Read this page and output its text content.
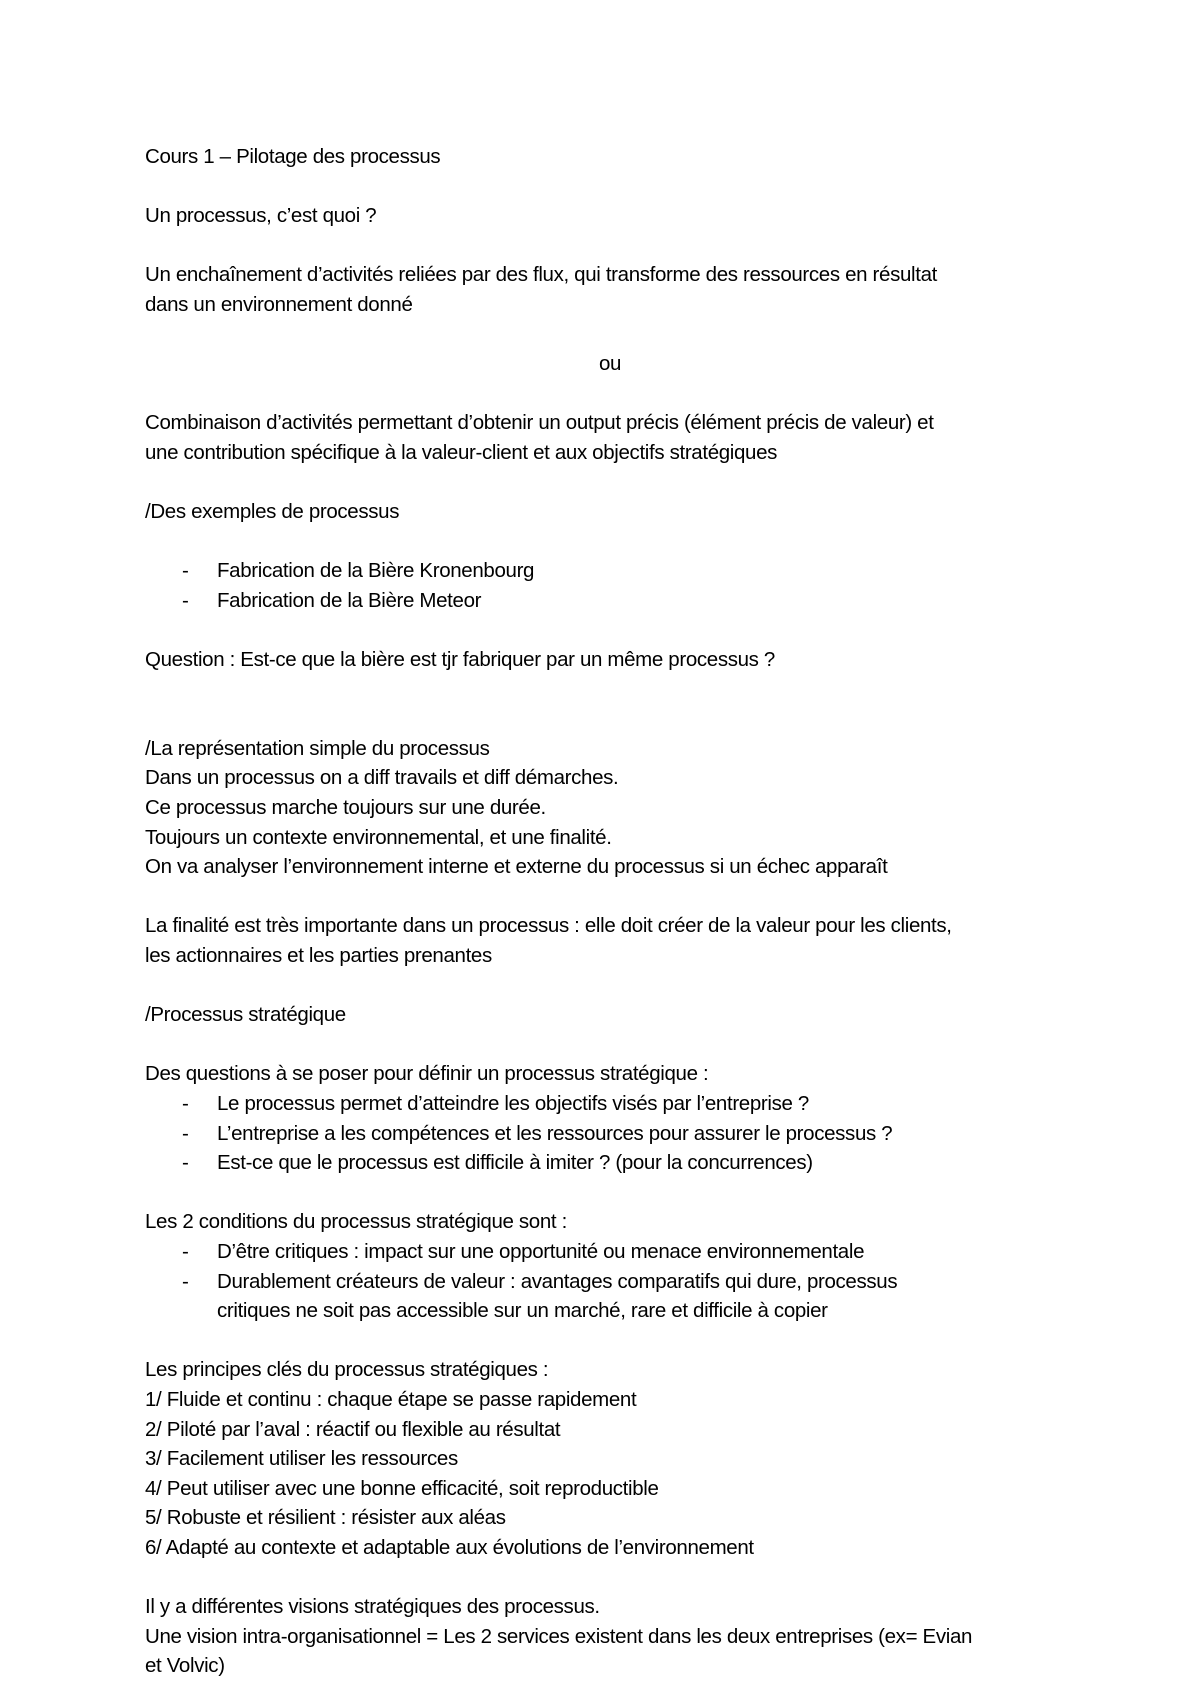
Cours 1 – Pilotage des processus

Un processus, c’est quoi ?

Un enchaînement d’activités reliées par des flux, qui transforme des ressources en résultat

dans un environnement donné

ou

Combinaison d’activités permettant d’obtenir un output précis (élément précis de valeur) et

une contribution spécifique à la valeur-client et aux objectifs stratégiques

/Des exemples de processus

- Fabrication de la Bière Kronenbourg
- Fabrication de la Bière Meteor

Question : Est-ce que la bière est tjr fabriquer par un même processus ?

/La représentation simple du processus

Dans un processus on a diff travails et diff démarches.

Ce processus marche toujours sur une durée.

Toujours un contexte environnemental, et une finalité.

On va analyser l’environnement interne et externe du processus si un échec apparaît

La finalité est très importante dans un processus : elle doit créer de la valeur pour les clients,

les actionnaires et les parties prenantes

/Processus stratégique

Des questions à se poser pour définir un processus stratégique :

- Le processus permet d’atteindre les objectifs visés par l’entreprise ?
- L’entreprise a les compétences et les ressources pour assurer le processus ?
- Est-ce que le processus est difficile à imiter ? (pour la concurrences)

Les 2 conditions du processus stratégique sont :

- D’être critiques : impact sur une opportunité ou menace environnementale
- Durablement créateurs de valeur : avantages comparatifs qui dure, processus
critiques ne soit pas accessible sur un marché, rare et difficile à copier

Les principes clés du processus stratégiques :

1/ Fluide et continu : chaque étape se passe rapidement

2/ Piloté par l’aval : réactif ou flexible au résultat

3/ Facilement utiliser les ressources

4/ Peut utiliser avec une bonne efficacité, soit reproductible

5/ Robuste et résilient : résister aux aléas

6/ Adapté au contexte et adaptable aux évolutions de l’environnement

Il y a différentes visions stratégiques des processus.

Une vision intra-organisationnel = Les 2 services existent dans les deux entreprises (ex= Evian

et Volvic)
